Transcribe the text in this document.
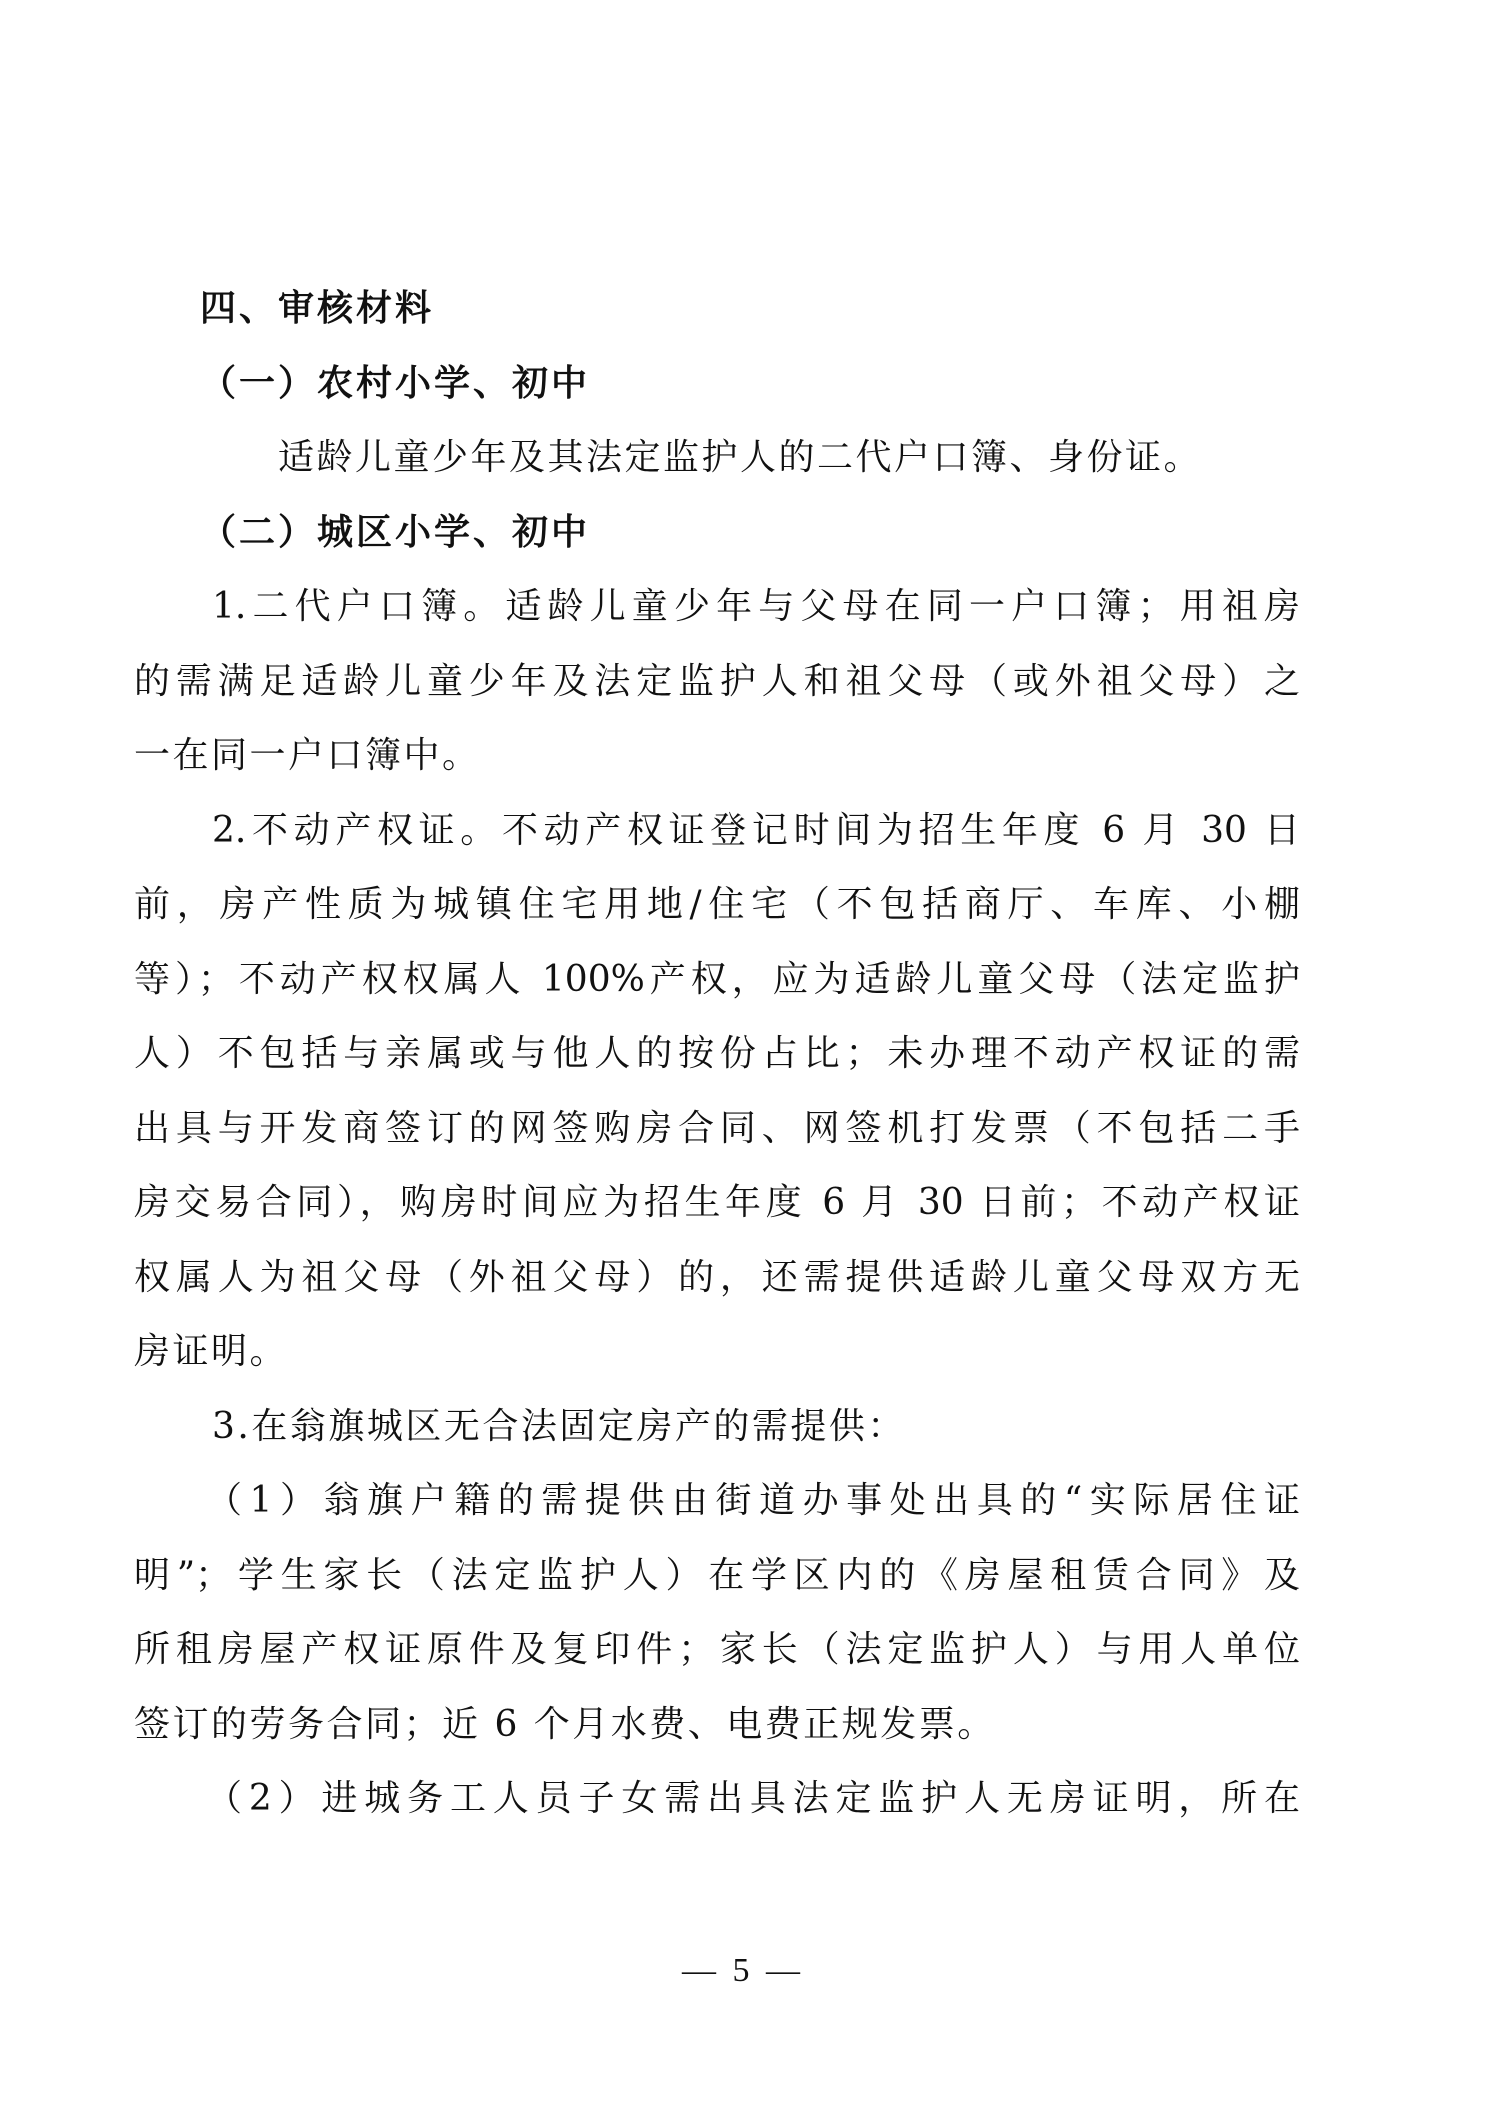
四、审核材料
（一）农村小学、初中
适龄儿童少年及其法定监护人的二代户口簿、身份证。
（二）城区小学、初中
1.二代户口簿。适龄儿童少年与父母在同一户口簿；用祖房
的需满足适龄儿童少年及法定监护人和祖父母（或外祖父母）之
一在同一户口簿中。
2.不动产权证。不动产权证登记时间为招生年度 6 月 30 日
前，房产性质为城镇住宅用地/住宅（不包括商厅、车库、小棚
等）；不动产权权属人 100%产权，应为适龄儿童父母（法定监护
人）不包括与亲属或与他人的按份占比；未办理不动产权证的需
出具与开发商签订的网签购房合同、网签机打发票（不包括二手
房交易合同），购房时间应为招生年度 6 月 30 日前；不动产权证
权属人为祖父母（外祖父母）的，还需提供适龄儿童父母双方无
房证明。
3.在翁旗城区无合法固定房产的需提供：
（1）翁旗户籍的需提供由街道办事处出具的“实际居住证
明”；学生家长（法定监护人）在学区内的《房屋租赁合同》及
所租房屋产权证原件及复印件；家长（法定监护人）与用人单位
签订的劳务合同；近 6 个月水费、电费正规发票。
（2）进城务工人员子女需出具法定监护人无房证明，所在
— 5 —
